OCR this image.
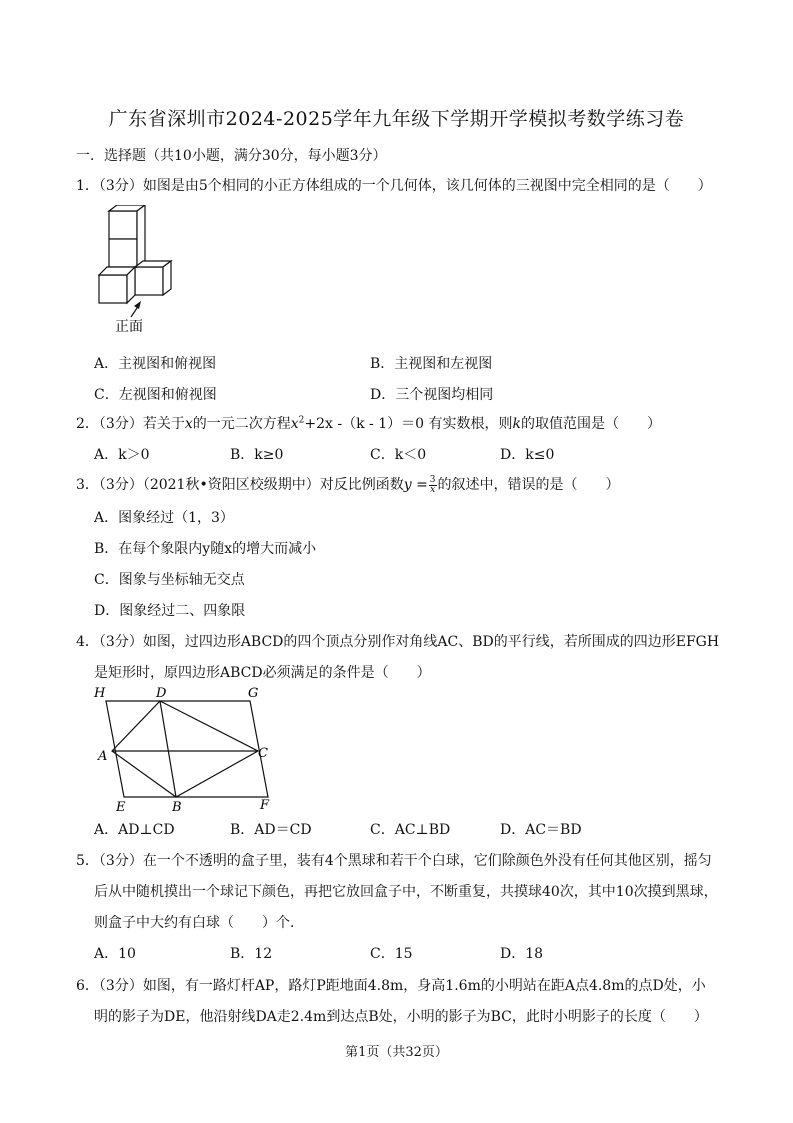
广东省深圳市2024-2025学年九年级下学期开学模拟考数学练习卷
一．选择题（共10小题，满分30分，每小题3分）
1．（3分）如图是由5个相同的小正方体组成的一个几何体，该几何体的三视图中完全相同的是（　　）
正面
A．主视图和俯视图	B．主视图和左视图
C．左视图和俯视图	D．三个视图均相同
2．（3分）若关于x的一元二次方程$x^2+2x$ -（k - 1）＝0 有实数根，则k的取值范围是（　　）
A．k＞0	B．k≥0	C．k＜0	D．k≤0
3．（3分）（2021秋•资阳区校级期中）对反比例函数$y = \frac{3}{x}$ 的叙述中，错误的是（　　）
A．图象经过（1，3）
B．在每个象限内y随x的增大而减小
C．图象与坐标轴无交点
D．图象经过二、四象限
4．（3分）如图，过四边形ABCD的四个顶点分别作对角线AC、BD的平行线，若所围成的四边形EFGH
是矩形时，原四边形ABCD必须满足的条件是（　　）
H	D	G
A	C
E	B	F
A．AD⊥CD	B．AD＝CD	C．AC⊥BD	D．AC＝BD
5．（3分）在一个不透明的盒子里，装有4个黑球和若干个白球，它们除颜色外没有任何其他区别，摇匀
后从中随机摸出一个球记下颜色，再把它放回盒子中，不断重复，共摸球40次，其中10次摸到黑球，
则盒子中大约有白球（　　）个．
A．10	B．12	C．15	D．18
6．（3分）如图，有一路灯杆AP，路灯P距地面4.8m，身高1.6m的小明站在距A点4.8m的点D处，小
明的影子为DE，他沿射线DA走2.4m到达点B处，小明的影子为BC，此时小明影子的长度（　　）
第1页（共32页）
